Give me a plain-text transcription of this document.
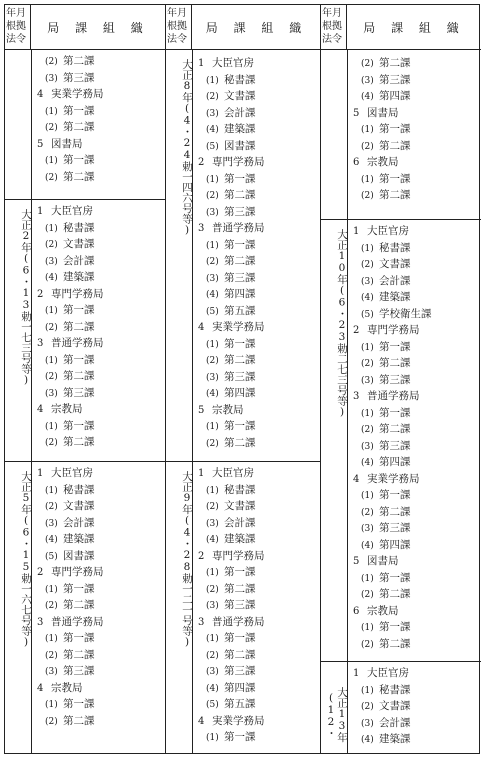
年月
根拠
法令
局 課 組 織
(2) 第二課
(3) 第三課
4 実業学務局
(1) 第一課
(2) 第二課
5 図書局
(1) 第一課
(2) 第二課
大正2年(6・13勅一七三号等) 1 大臣官房
(1) 秘書課
(2) 文書課
(3) 会計課
(4) 建築課
2 専門学務局
(1) 第一課
(2) 第二課
3 普通学務局
(1) 第一課
(2) 第二課
(3) 第三課
4 宗教局
(1) 第一課
(2) 第二課
大正5年(6・15勅一六七号等) 1 大臣官房
(1) 秘書課
(2) 文書課
(3) 会計課
(4) 建築課
(5) 図書課
2 専門学務局
(1) 第一課
(2) 第二課
3 普通学務局
(1) 第一課
(2) 第二課
(3) 第三課
4 宗教局
(1) 第一課
(2) 第二課
年月
根拠
法令
局 課 組 織
大正8年(4・24勅一四六号等) 1 大臣官房
(1) 秘書課
(2) 文書課
(3) 会計課
(4) 建築課
(5) 図書課
2 専門学務局
(1) 第一課
(2) 第二課
(3) 第三課
3 普通学務局
(1) 第一課
(2) 第二課
(3) 第三課
(4) 第四課
(5) 第五課
4 実業学務局
(1) 第一課
(2) 第二課
(3) 第三課
(4) 第四課
5 宗教局
(1) 第一課
(2) 第二課
大正9年(4・28勅一二一号等) 1 大臣官房
(1) 秘書課
(2) 文書課
(3) 会計課
(4) 建築課
2 専門学務局
(1) 第一課
(2) 第二課
(3) 第三課
3 普通学務局
(1) 第一課
(2) 第二課
(3) 第三課
(4) 第四課
(5) 第五課
4 実業学務局
(1) 第一課
年月
根拠
法令
局 課 組 織
(2) 第二課
(3) 第三課
(4) 第四課
5 図書局
(1) 第一課
(2) 第二課
6 宗教局
(1) 第一課
(2) 第二課
大正10年(6・23勅二七三号等) 1 大臣官房
(1) 秘書課
(2) 文書課
(3) 会計課
(4) 建築課
(5) 学校衛生課
2 専門学務局
(1) 第一課
(2) 第二課
(3) 第三課
3 普通学務局
(1) 第一課
(2) 第二課
(3) 第三課
(4) 第四課
4 実業学務局
(1) 第一課
(2) 第二課
(3) 第三課
(4) 第四課
5 図書局
(1) 第一課
(2) 第二課
6 宗教局
(1) 第一課
(2) 第二課
大正13年(12・
1 大臣官房
(1) 秘書課
(2) 文書課
(3) 会計課
(4) 建築課
